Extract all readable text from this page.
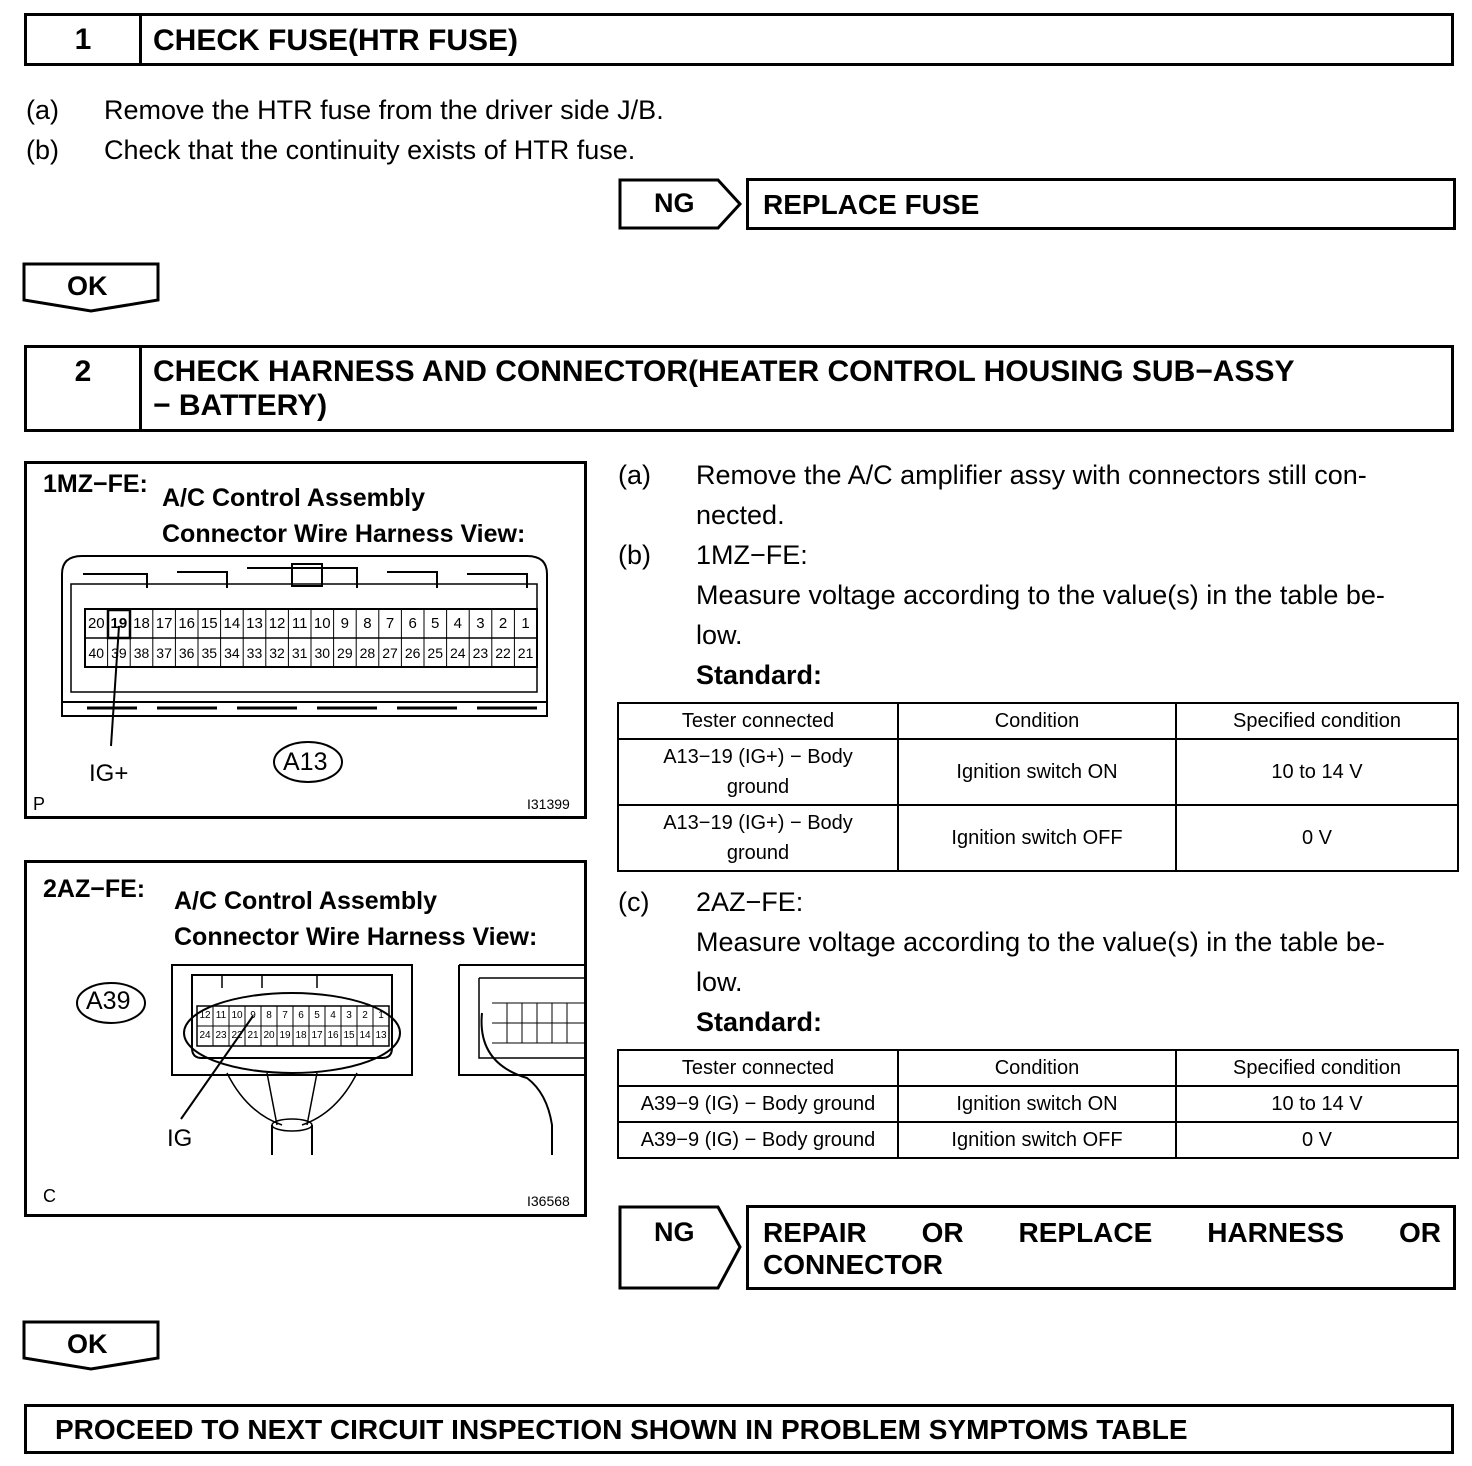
1	CHECK FUSE(HTR FUSE)
(a) Remove the HTR fuse from the driver side J/B.
(b) Check that the continuity exists of HTR fuse.
NG REPLACE FUSE
OK
2	CHECK HARNESS AND CONNECTOR(HEATER CONTROL HOUSING SUB−ASSY
− BATTERY)
1MZ−FE: A/C Control Assembly
Connector Wire Harness View:
20 19 18 17 16 15 14 13 12 11 10 9 8 7 6 5 4 3 2 1
40 39 38 37 36 35 34 33 32 31 30 29 28 27 26 25 24 23 22 21
IG+	A13
P	I31399
2AZ−FE: A/C Control Assembly
Connector Wire Harness View:
12 11 10 9	8	7	6	5	4	3	2	1
24 23 22 21 20 19 18 17 16 15 14 13
A39
IG
C	I36568
(a) Remove the A/C amplifier assy with connectors still con-
nected.
(b) 1MZ−FE:
Measure voltage according to the value(s) in the table be-
low.
Standard:
Tester connected	Condition	Specified condition

A13−19 (IG+) − Body
ground	Ignition switch ON	10 to 14 V

A13−19 (IG+) − Body
ground	Ignition switch OFF	0 V
(c) 2AZ−FE:
Measure voltage according to the value(s) in the table be-
low.
Standard:
Tester connected	Condition	Specified condition
A39−9 (IG) − Body ground	Ignition switch ON	10 to 14 V
A39−9 (IG) − Body ground	Ignition switch OFF	0 V
NG REPAIR OR REPLACE HARNESS OR
CONNECTOR
OK
PROCEED TO NEXT CIRCUIT INSPECTION SHOWN IN PROBLEM SYMPTOMS TABLE
